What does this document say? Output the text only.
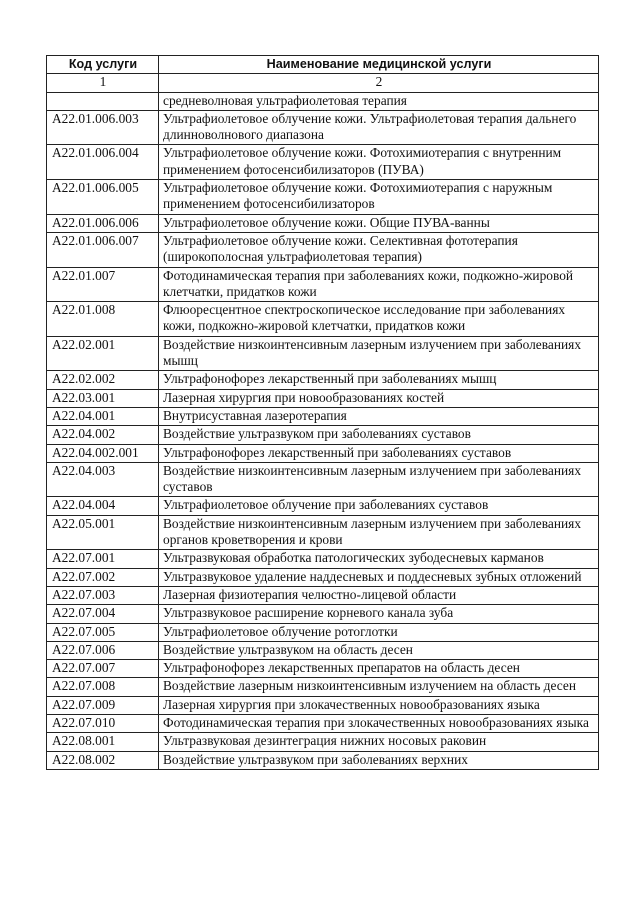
Код услуги	Наименование медицинской услуги
1	2
	средневолновая ультрафиолетовая терапия
A22.01.006.003	Ультрафиолетовое облучение кожи. Ультрафиолетовая терапия дальнего длинноволнового диапазона
A22.01.006.004	Ультрафиолетовое облучение кожи. Фотохимиотерапия с внутренним применением фотосенсибилизаторов (ПУВА)
A22.01.006.005	Ультрафиолетовое облучение кожи. Фотохимиотерапия с наружным применением фотосенсибилизаторов
A22.01.006.006	Ультрафиолетовое облучение кожи. Общие ПУВА-ванны
A22.01.006.007	Ультрафиолетовое облучение кожи. Селективная фототерапия (широкополосная ультрафиолетовая терапия)
A22.01.007	Фотодинамическая терапия при заболеваниях кожи, подкожно-жировой клетчатки, придатков кожи
A22.01.008	Флюоресцентное спектроскопическое исследование при заболеваниях кожи, подкожно-жировой клетчатки, придатков кожи
A22.02.001	Воздействие низкоинтенсивным лазерным излучением при заболеваниях мышц
A22.02.002	Ультрафонофорез лекарственный при заболеваниях мышц
A22.03.001	Лазерная хирургия при новообразованиях костей
A22.04.001	Внутрисуставная лазеротерапия
A22.04.002	Воздействие ультразвуком при заболеваниях суставов
A22.04.002.001	Ультрафонофорез лекарственный при заболеваниях суставов
A22.04.003	Воздействие низкоинтенсивным лазерным излучением при заболеваниях суставов
A22.04.004	Ультрафиолетовое облучение при заболеваниях суставов
A22.05.001	Воздействие низкоинтенсивным лазерным излучением при заболеваниях органов кроветворения и крови
A22.07.001	Ультразвуковая обработка патологических зубодесневых карманов
A22.07.002	Ультразвуковое удаление наддесневых и поддесневых зубных отложений
A22.07.003	Лазерная физиотерапия челюстно-лицевой области
A22.07.004	Ультразвуковое расширение корневого канала зуба
A22.07.005	Ультрафиолетовое облучение ротоглотки
A22.07.006	Воздействие ультразвуком на область десен
A22.07.007	Ультрафонофорез лекарственных препаратов на область десен
A22.07.008	Воздействие лазерным низкоинтенсивным излучением на область десен
A22.07.009	Лазерная хирургия при злокачественных новообразованиях языка
A22.07.010	Фотодинамическая терапия при злокачественных новообразованиях языка
A22.08.001	Ультразвуковая дезинтеграция нижних носовых раковин
A22.08.002	Воздействие ультразвуком при заболеваниях верхних
